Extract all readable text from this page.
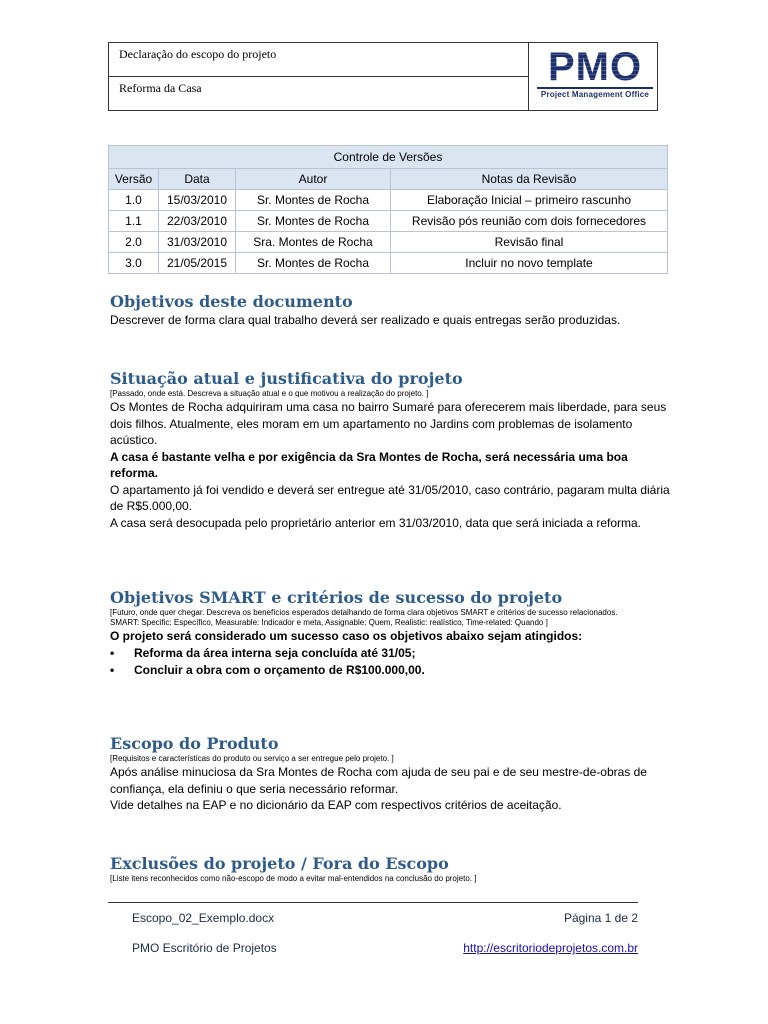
Declaração do escopo do projeto
Reforma da Casa	PMO
Project Management Office
Controle de Versões			
Versão	Data	Autor	Notas da Revisão
1.0	15/03/2010	Sr. Montes de Rocha	Elaboração Inicial – primeiro rascunho
1.1	22/03/2010	Sr. Montes de Rocha	Revisão pós reunião com dois fornecedores
2.0	31/03/2010	Sra. Montes de Rocha	Revisão final
3.0	21/05/2015	Sr. Montes de Rocha	Incluir no novo template
Objetivos deste documento

Descrever de forma clara qual trabalho deverá ser realizado e quais entregas serão produzidas.

Situação atual e justificativa do projeto

[Passado, onde está. Descreva a situação atual e o que motivou a realização do projeto. ]

Os Montes de Rocha adquiriram uma casa no bairro Sumaré para oferecerem mais liberdade, para seus dois filhos. Atualmente, eles moram em um apartamento no Jardins com problemas de isolamento acústico.

A casa é bastante velha e por exigência da Sra Montes de Rocha, será necessária uma boa reforma.

O apartamento já foi vendido e deverá ser entregue até 31/05/2010, caso contrário, pagaram multa diária de R$5.000,00.

A casa será desocupada pelo proprietário anterior em 31/03/2010, data que será iniciada a reforma.

Objetivos SMART e critérios de sucesso do projeto

[Futuro, onde quer chegar. Descreva os benefícios esperados detalhando de forma clara objetivos SMART e critérios de sucesso relacionados.

SMART: Specific: Específico, Measurable: Indicador e meta, Assignable: Quem, Realistic: realístico, Time-related: Quando ]

O projeto será considerado um sucesso caso os objetivos abaixo sejam atingidos:

• Reforma da área interna seja concluída até 31/05;
• Concluir a obra com o orçamento de R$100.000,00.
Escopo do Produto

[Requisitos e características do produto ou serviço a ser entregue pelo projeto. ]

Após análise minuciosa da Sra Montes de Rocha com ajuda de seu pai e de seu mestre-de-obras de confiança, ela definiu o que seria necessário reformar.

Vide detalhes na EAP e no dicionário da EAP com respectivos critérios de aceitação.

Exclusões do projeto / Fora do Escopo

[Liste itens reconhecidos como não-escopo de modo a evitar mal-entendidos na conclusão do projeto. ]

Escopo_02_Exemplo.docx	Página 1 de 2
PMO Escritório de Projetos	http://escritoriodeprojetos.com.br
